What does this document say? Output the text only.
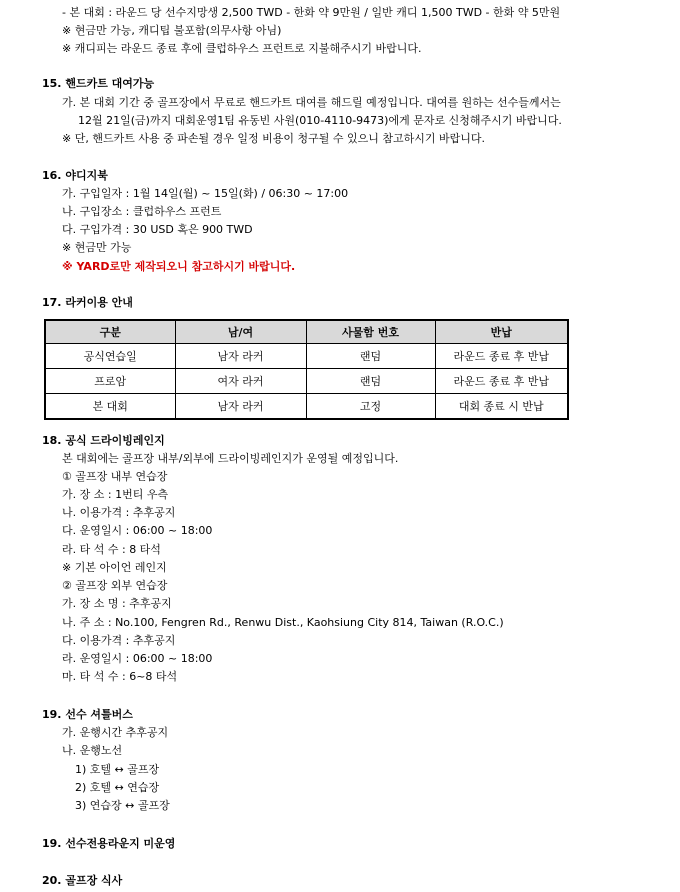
- 본 대회 : 라운드 당 선수지망생 2,500 TWD - 한화 약 9만원 / 일반 캐디 1,500 TWD - 한화 약 5만원
※ 현금만 가능, 캐디팁 불포함(의무사항 아님)
※ 캐디피는 라운드 종료 후에 클럽하우스 프런트로 지불해주시기 바랍니다.
15. 핸드카트 대여가능
가. 본 대회 기간 중 골프장에서 무료로 핸드카트 대여를 해드릴 예정입니다. 대여를 원하는 선수들께서는
12월 21일(금)까지 대회운영1팀 유동빈 사원(010-4110-9473)에게 문자로 신청해주시기 바랍니다.
※ 단, 핸드카트 사용 중 파손될 경우 일정 비용이 청구될 수 있으니 참고하시기 바랍니다.
16. 야디지북
가. 구입일자 : 1월 14일(월) ~ 15일(화) / 06:30 ~ 17:00
나. 구입장소 : 클럽하우스 프런트
다. 구입가격 : 30 USD 혹은 900 TWD
※ 현금만 가능
※ YARD로만 제작되오니 참고하시기 바랍니다.
17. 라커이용 안내
구분	남/여	사물함 번호	반납
공식연습일	남자 라커	랜덤	라운드 종료 후 반납
프로암	여자 라커	랜덤	라운드 종료 후 반납
본 대회	남자 라커	고정	대회 종료 시 반납
18. 공식 드라이빙레인지
본 대회에는 골프장 내부/외부에 드라이빙레인지가 운영될 예정입니다.
① 골프장 내부 연습장
가. 장 소 : 1번티 우측
나. 이용가격 : 추후공지
다. 운영일시 : 06:00 ~ 18:00
라. 타 석 수 : 8 타석
※ 기본 아이언 레인지
② 골프장 외부 연습장
가. 장 소 명 : 추후공지
나. 주 소 : No.100, Fengren Rd., Renwu Dist., Kaohsiung City 814, Taiwan (R.O.C.)
다. 이용가격 : 추후공지
라. 운영일시 : 06:00 ~ 18:00
마. 타 석 수 : 6~8 타석
19. 선수 셔틀버스
가. 운행시간 추후공지
나. 운행노선
1) 호텔 ↔ 골프장
2) 호텔 ↔ 연습장
3) 연습장 ↔ 골프장
19. 선수전용라운지 미운영
20. 골프장 식사
